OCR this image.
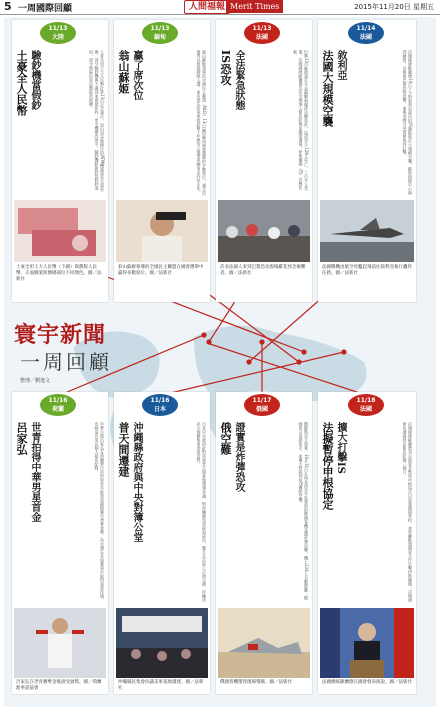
5 一周國際回顧	人間福報 Merit Times	2015年11月20日 星期五
11/13
大陸
土豪全人民幣 驗鈔機當假鈔	土豪全用王大人民幣計算13日正式發行，而沿用各地銀行的ATM機器還未全部更換，部分驗鈔機與不識別並會被拒收；更多機構改善中。驗鈔機將新鈔當假鈔退回，部分地區民眾反應取款困擾。
土豪全用王大人民幣（下圖）與舊版人民幣，正面圖案與號碼部位不同顏色。圖／法新社
11/13
緬甸
翁山蘇姬 贏了席次位	翁山蘇姬領導的全國民主聯盟（NLD）13日贏得緬甸國會選舉的多數席位，讓全民盟得以推派總統人選，並有望在結束軍政府數十年統治之後帶領緬甸走向民主化。
翁山蘇姬領導的全國民主聯盟在國會選舉中贏得多數席位。圖／法新社
11/13
法國
IS恐攻 全法緊急狀態	巴黎13日晚間發生多起槍擊與爆炸攻擊事件，造成至少129人死亡、三百多人受傷。法國總統歐蘭德宣布全國進入緊急狀態並關閉邊境。伊斯蘭國（IS）宣稱犯案。
許多法國人來到巴黎恐攻現場獻花悼念罹難者。圖／法新社
11/14
法國
法國大規模空襲 敘利亞	法國總統歐蘭德14日下令對敘利亞境內的IS據點進行大規模空襲，摧毀指揮中心與訓練營，以報復巴黎恐怖攻擊，並與美國分享情報協同打擊。
法國戰機由航空母艦起飛前往敘利亞執行轟炸任務。圖／法新社
寰宇新聞
一周回顧
整理／劉逸文
11/16
荷蘭
呂家弘 世青拍得中華男星首金	中華小將呂家弘在荷蘭舉行的世界青年跆拳道錦標賽中勇奪金牌，為台灣在本屆賽事中取得重要佳績，也締造呂家弘個人最佳紀錄。
呂家弘在世青賽奪金後接受頒獎。圖／荷蘭跆拳道協會
11/16
日本
普天間遷建 沖繩縣政府與中央對簿公堂	日本中央政府針對美軍普天間基地遷建爭議，對沖繩縣知事提起訴訟，雙方在法庭上正面交鋒，沖繩居民大規模集會表達反對。
沖繩縣民集會抗議美軍基地遷建。圖／法新社
11/17
俄國
俄空難 證實是炸彈恐攻	俄羅斯官方證實，10月31日在埃及西奈半島墜毀的俄國客機是遭炸彈攻擊，機上224人全數罹難；俄國誓言追緝兇手，並擴大對敘利亞IS據點空襲。
俄國客機墜毀現場殘骸。圖／法新社
11/18
法國
法擬暫停申根協定 擴大打擊IS	法國總統歐蘭德表示將要求暫停申根協定以加強邊境管控，並呼籲歐盟國家合作打擊伊斯蘭國；法國國會也通過延長緊急狀態三個月。
法國總統歐蘭德在國會發表演說。圖／法新社
